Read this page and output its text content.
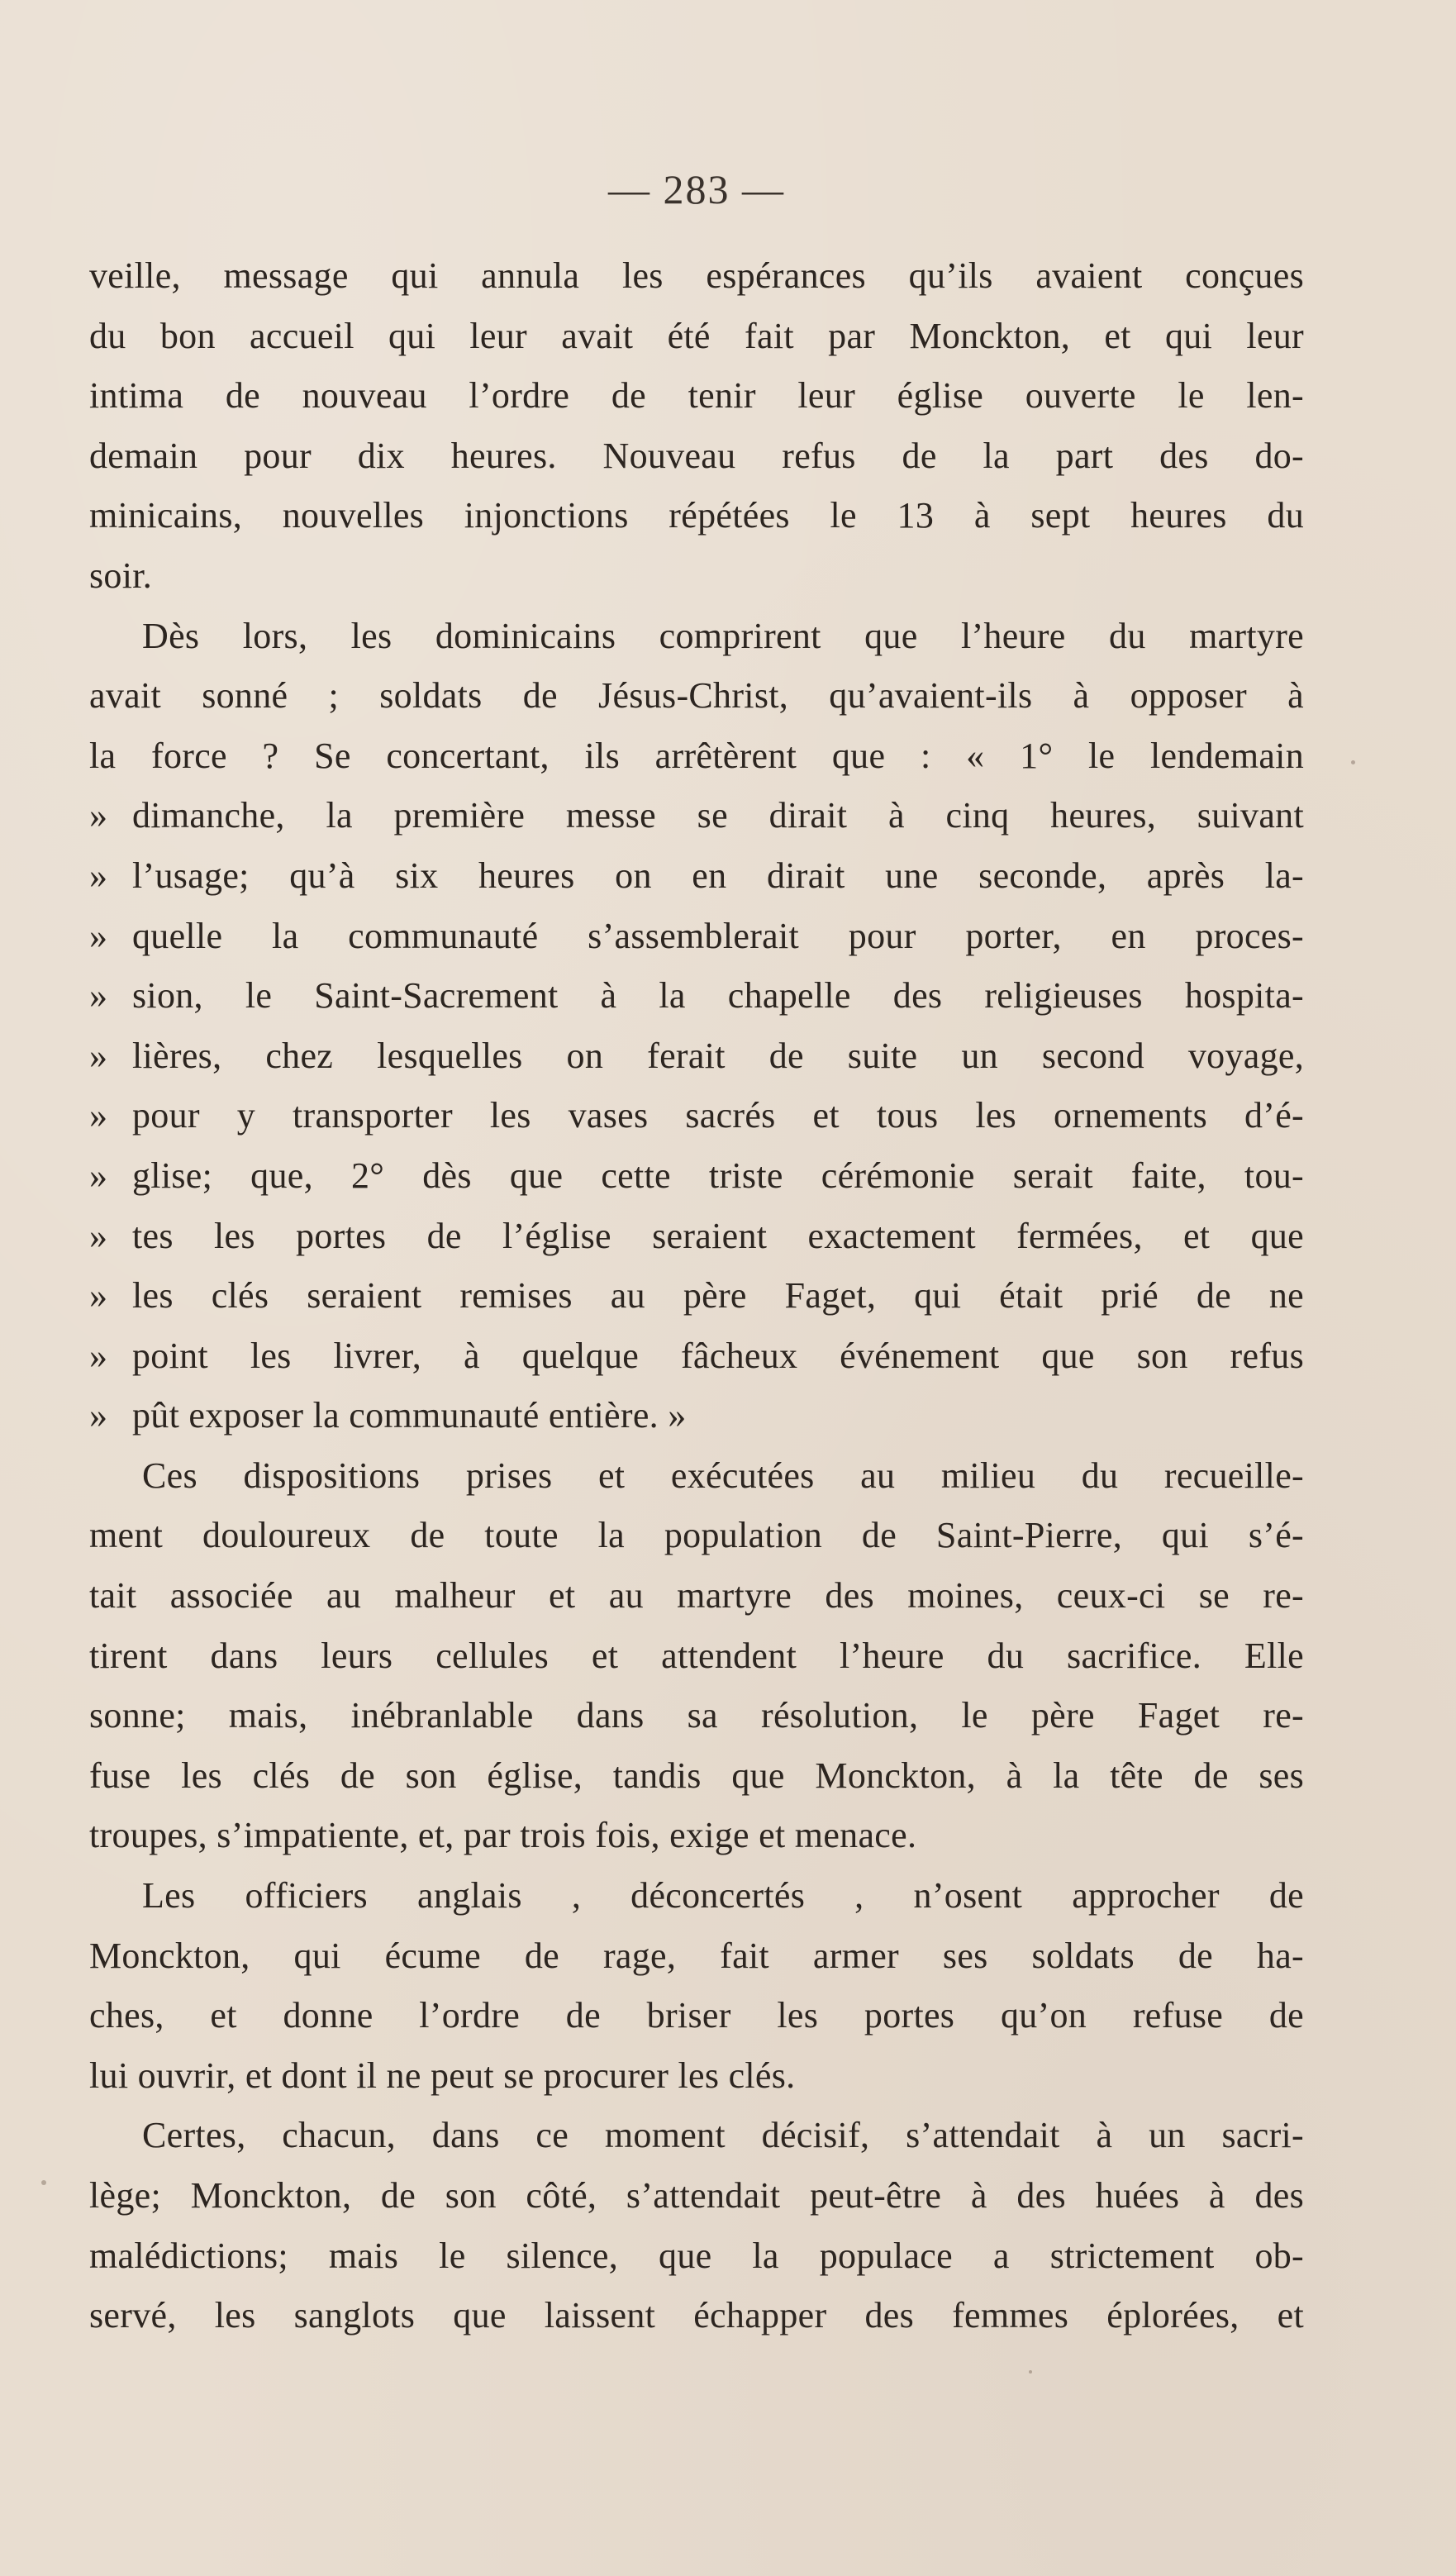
— 283 —
veille, message qui annula les espérances qu’ils avaient conçues
du bon accueil qui leur avait été fait par Monckton, et qui leur
intima de nouveau l’ordre de tenir leur église ouverte le len-
demain pour dix heures. Nouveau refus de la part des do-
minicains, nouvelles injonctions répétées le 13 à sept heures du
soir.
Dès lors, les dominicains comprirent que l’heure du martyre
avait sonné ; soldats de Jésus-Christ, qu’avaient-ils à opposer à
la force ? Se concertant, ils arrêtèrent que : « 1° le lendemain
» dimanche, la première messe se dirait à cinq heures, suivant
» l’usage; qu’à six heures on en dirait une seconde, après la-
» quelle la communauté s’assemblerait pour porter, en proces-
» sion, le Saint-Sacrement à la chapelle des religieuses hospita-
» lières, chez lesquelles on ferait de suite un second voyage,
» pour y transporter les vases sacrés et tous les ornements d’é-
» glise; que, 2° dès que cette triste cérémonie serait faite, tou-
» tes les portes de l’église seraient exactement fermées, et que
» les clés seraient remises au père Faget, qui était prié de ne
» point les livrer, à quelque fâcheux événement que son refus
» pût exposer la communauté entière. »
Ces dispositions prises et exécutées au milieu du recueille-
ment douloureux de toute la population de Saint-Pierre, qui s’é-
tait associée au malheur et au martyre des moines, ceux-ci se re-
tirent dans leurs cellules et attendent l’heure du sacrifice. Elle
sonne; mais, inébranlable dans sa résolution, le père Faget re-
fuse les clés de son église, tandis que Monckton, à la tête de ses
troupes, s’impatiente, et, par trois fois, exige et menace.
Les officiers anglais , déconcertés , n’osent approcher de
Monckton, qui écume de rage, fait armer ses soldats de ha-
ches, et donne l’ordre de briser les portes qu’on refuse de
lui ouvrir, et dont il ne peut se procurer les clés.
Certes, chacun, dans ce moment décisif, s’attendait à un sacri-
lège; Monckton, de son côté, s’attendait peut-être à des huées à des
malédictions; mais le silence, que la populace a strictement ob-
servé, les sanglots que laissent échapper des femmes éplorées, et
